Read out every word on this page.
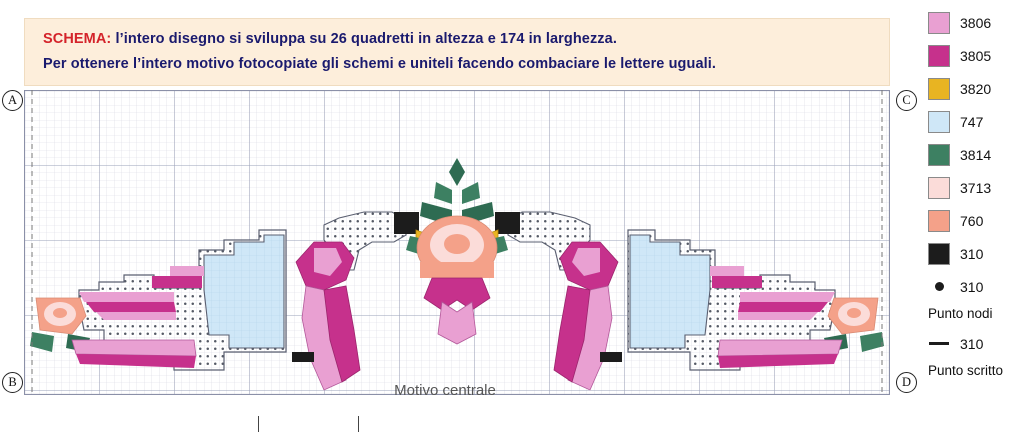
SCHEMA: l’intero disegno si sviluppa su 26 quadretti in altezza e 174 in larghezza.
Per ottenere l’intero motivo fotocopiate gli schemi e uniteli facendo combaciare le lettere uguali.
A
B
C
D
Motivo centrale
3806
3805
3820
747
3814
3713
760
310
310
Punto nodi
310
Punto scritto
